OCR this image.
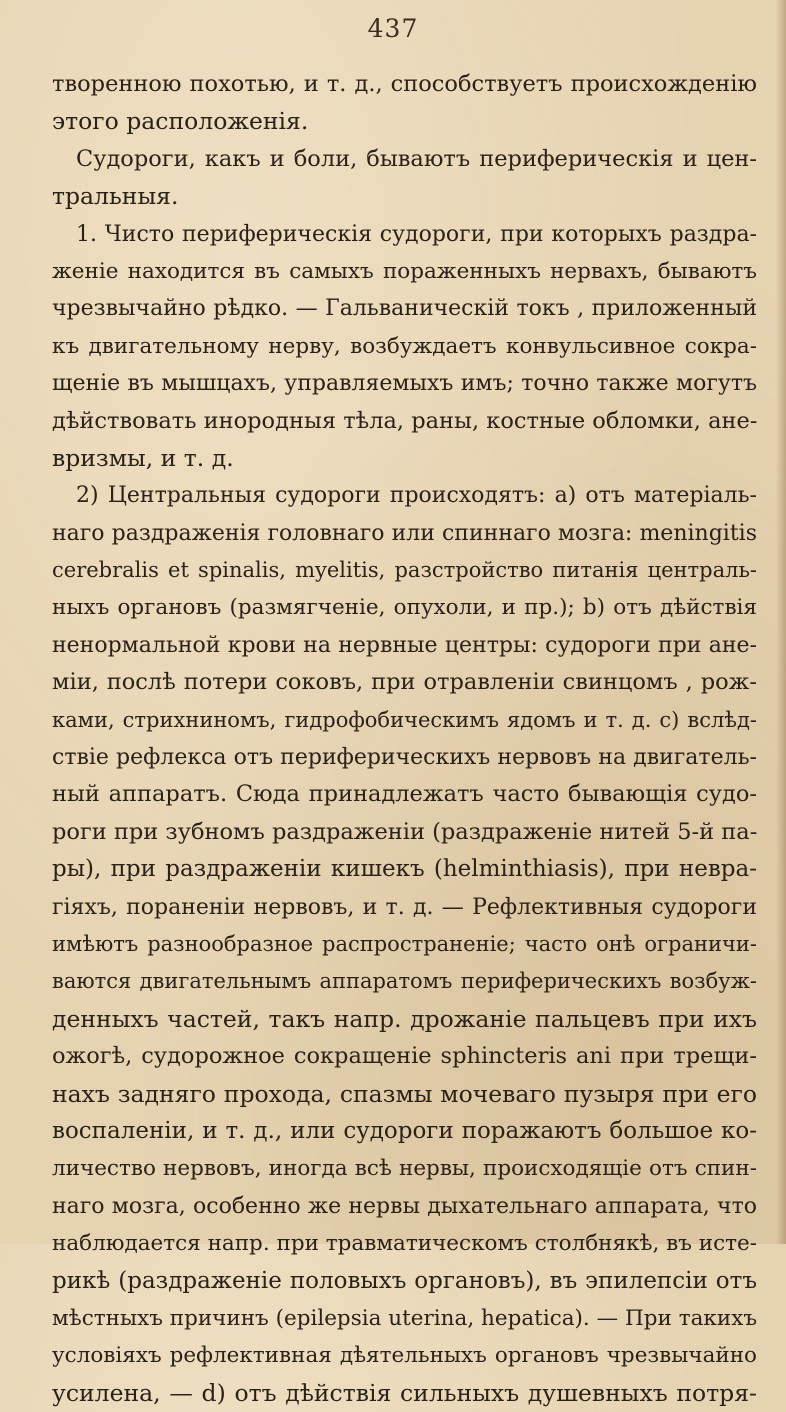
437
творенною похотью, и т. д., способствуетъ происхожденію
этого расположенія.
Судороги, какъ и боли, бываютъ периферическія и цен-
тральныя.
1. Чисто периферическія судороги, при которыхъ раздра-
женіе находится въ самыхъ пораженныхъ нервахъ, бываютъ
чрезвычайно рѣдко. — Гальваническій токъ , приложенный
къ двигательному нерву, возбуждаетъ конвульсивное сокра-
щеніе въ мышцахъ, управляемыхъ имъ; точно также могутъ
дѣйствовать инородныя тѣла, раны, костные обломки, ане-
вризмы, и т. д.
2) Центральныя судороги происходятъ: а) отъ матеріаль-
наго раздраженія головнаго или спиннаго мозга: meningitis
cerebralis et spinalis, myelitis, разстройство питанія централь-
ныхъ органовъ (размягченіе, опухоли, и пр.); b) отъ дѣйствія
ненормальной крови на нервные центры: судороги при ане-
міи, послѣ потери соковъ, при отравленіи свинцомъ , рож-
ками, стрихниномъ, гидрофобическимъ ядомъ и т. д. с) вслѣд-
ствіе рефлекса отъ периферическихъ нервовъ на двигатель-
ный аппаратъ. Сюда принадлежатъ часто бывающія судо-
роги при зубномъ раздраженіи (раздраженіе нитей 5-й па-
ры), при раздраженіи кишекъ (helminthiasis), при невра-
гіяхъ, пораненіи нервовъ, и т. д. — Рефлективныя судороги
имѣютъ разнообразное распространеніе; часто онѣ ограничи-
ваются двигательнымъ аппаратомъ периферическихъ возбуж-
денныхъ частей, такъ напр. дрожаніе пальцевъ при ихъ
ожогѣ, судорожное сокращеніе sphincteris ani при трещи-
нахъ задняго прохода, спазмы мочеваго пузыря при его
воспаленіи, и т. д., или судороги поражаютъ большое ко-
личество нервовъ, иногда всѣ нервы, происходящіе отъ спин-
наго мозга, особенно же нервы дыхательнаго аппарата, что
наблюдается напр. при травматическомъ столбнякѣ, въ исте-
рикѣ (раздраженіе половыхъ органовъ), въ эпилепсіи отъ
мѣстныхъ причинъ (epilepsia uterina, hepatica). — При такихъ
условіяхъ рефлективная дѣятельныхъ органовъ чрезвычайно
усилена, — d) отъ дѣйствія сильныхъ душевныхъ потря-
